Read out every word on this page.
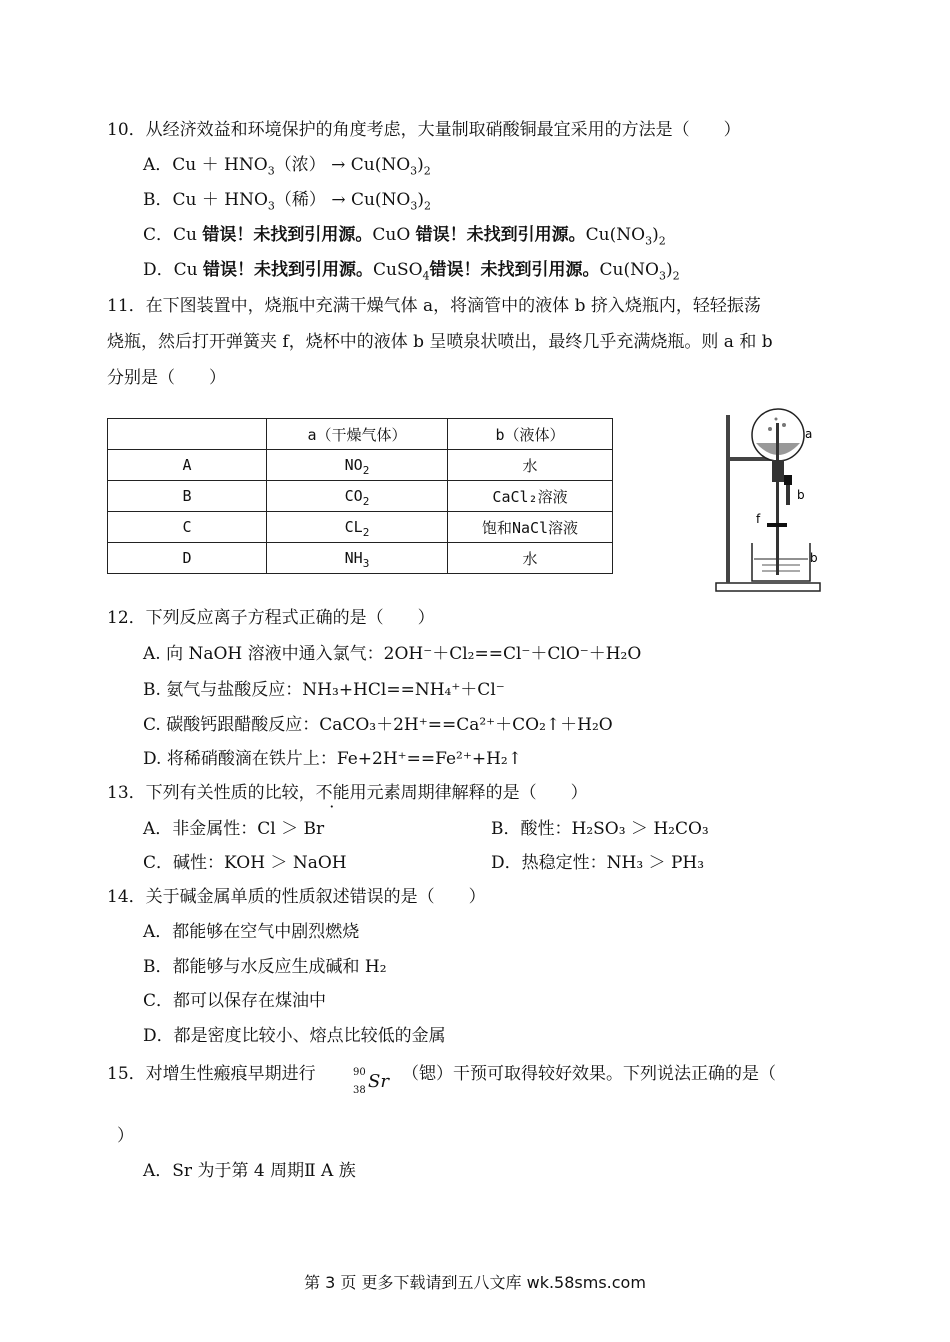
10．从经济效益和环境保护的角度考虑，大量制取硝酸铜最宜采用的方法是（　　）
A．$Cu + HNO_3$（浓） → $Cu(NO_3)_2$
B．$Cu + HNO_3$（稀） → $Cu(NO_3)_2$
C．Cu 错误！未找到引用源。CuO 错误！未找到引用源。$Cu(NO_3)_2$
D．Cu 错误！未找到引用源。CuSO$_4$错误！未找到引用源。$Cu(NO_3)_2$
11．在下图装置中，烧瓶中充满干燥气体 a，将滴管中的液体 b 挤入烧瓶内，轻轻振荡
烧瓶，然后打开弹簧夹 f，烧杯中的液体 b 呈喷泉状喷出，最终几乎充满烧瓶。则 a 和 b
分别是（　　）
	a（干燥气体）	b（液体）
A	$NO_2$	水
B	$CO_2$	CaCl₂溶液
C	$CL_2$	饱和NaCl溶液
D	$NH_3$	水
a
b
f
b
12．下列反应离子方程式正确的是（　　）
A. 向 NaOH 溶液中通入氯气：2OH⁻＋Cl₂==Cl⁻＋ClO⁻＋H₂O
B. 氨气与盐酸反应：NH₃+HCl==NH₄⁺＋Cl⁻
C. 碳酸钙跟醋酸反应：CaCO₃＋2H⁺==Ca²⁺＋CO₂↑＋H₂O
D. 将稀硝酸滴在铁片上：Fe+2H⁺==Fe²⁺+H₂↑
13．下列有关性质的比较，不能用元素周期律解释的是（　　）
A．非金属性：Cl ＞ Br	B．酸性：H₂SO₃ ＞ H₂CO₃
C．碱性：KOH ＞ NaOH	D．热稳定性：NH₃ ＞ PH₃
14．关于碱金属单质的性质叙述错误的是（　　）
A．都能够在空气中剧烈燃烧
B．都能够与水反应生成碱和 H₂
C．都可以保存在煤油中
D．都是密度比较小、熔点比较低的金属
15．对增生性瘢痕早期进行	90
38 Sr （锶）干预可取得较好效果。下列说法正确的是（
）
A．Sr 为于第 4 周期Ⅱ A 族
第 3 页 更多下载请到五八文库 wk.58sms.com
